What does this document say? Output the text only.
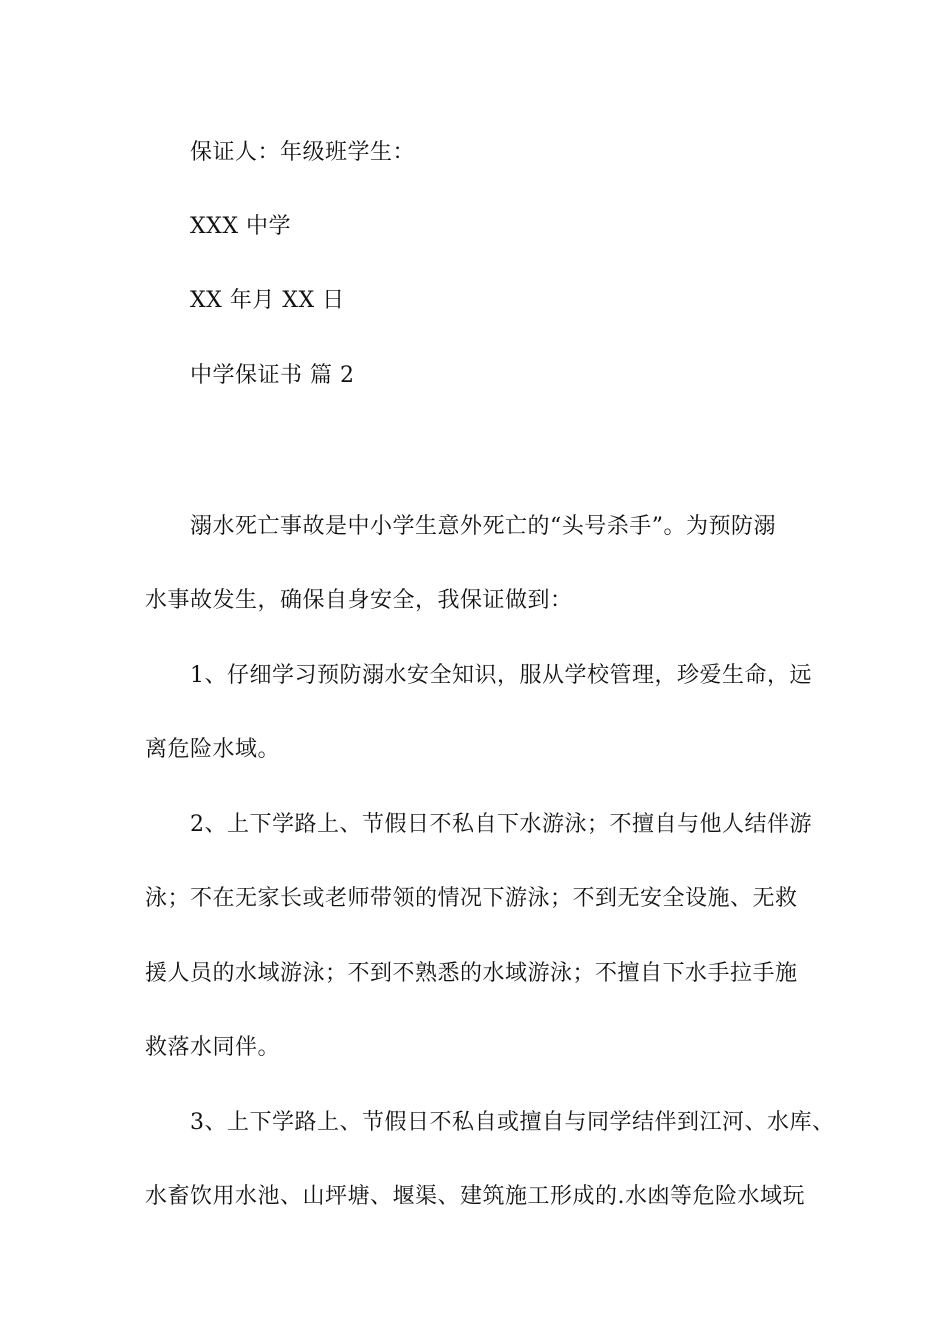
保证人：年级班学生：
XXX 中学
XX 年月 XX 日
中学保证书 篇 2
溺水死亡事故是中小学生意外死亡的“头号杀手”。为预防溺
水事故发生，确保自身安全，我保证做到：
1、仔细学习预防溺水安全知识，服从学校管理，珍爱生命，远
离危险水域。
2、上下学路上、节假日不私自下水游泳；不擅自与他人结伴游
泳；不在无家长或老师带领的情况下游泳；不到无安全设施、无救
援人员的水域游泳；不到不熟悉的水域游泳；不擅自下水手拉手施
救落水同伴。
3、上下学路上、节假日不私自或擅自与同学结伴到江河、水库、
水畜饮用水池、山坪塘、堰渠、建筑施工形成的.水凼等危险水域玩
